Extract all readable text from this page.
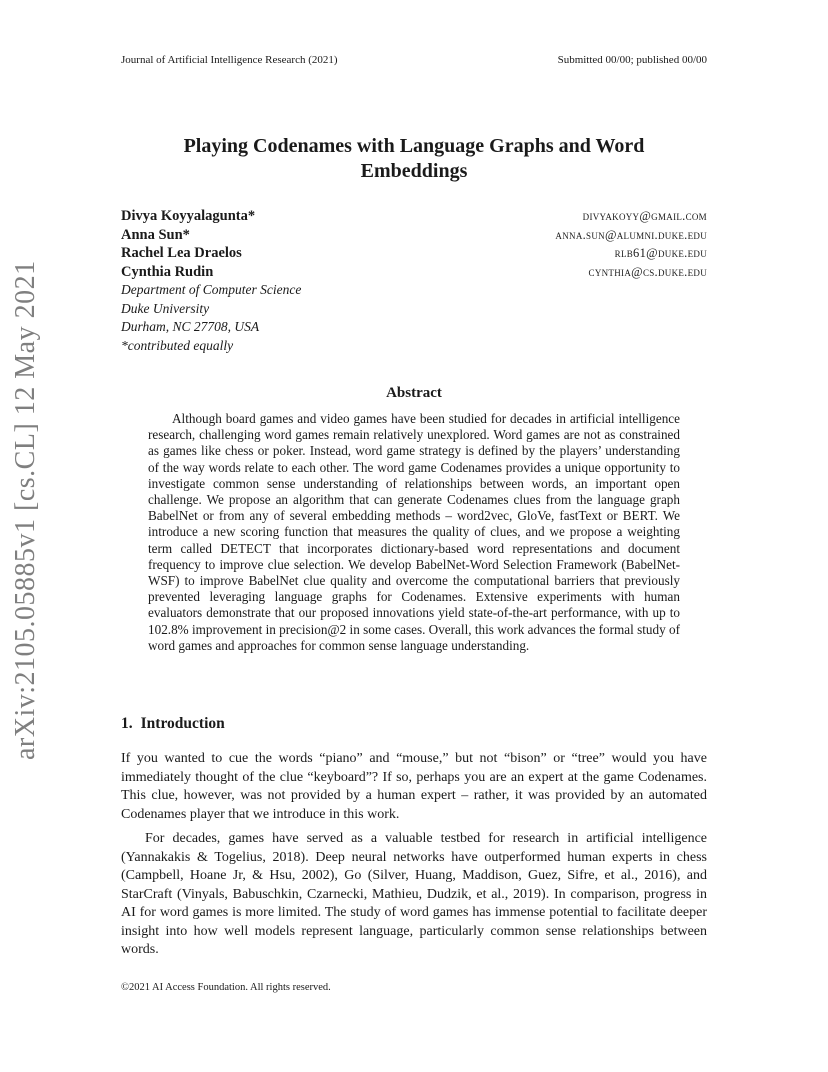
Journal of Artificial Intelligence Research (2021)	Submitted 00/00; published 00/00
arXiv:2105.05885v1 [cs.CL] 12 May 2021
Playing Codenames with Language Graphs and Word
Embeddings
Divya Koyyalagunta*	divyakoyy@gmail.com
Anna Sun*	anna.sun@alumni.duke.edu
Rachel Lea Draelos	rlb61@duke.edu
Cynthia Rudin	cynthia@cs.duke.edu
Department of Computer Science
Duke University
Durham, NC 27708, USA
*contributed equally
Abstract
Although board games and video games have been studied for decades in artificial intelligence research, challenging word games remain relatively unexplored. Word games are not as constrained as games like chess or poker. Instead, word game strategy is defined by the players’ understanding of the way words relate to each other. The word game Codenames provides a unique opportunity to investigate common sense understanding of relationships between words, an important open challenge. We propose an algorithm that can generate Codenames clues from the language graph BabelNet or from any of several embedding methods – word2vec, GloVe, fastText or BERT. We introduce a new scoring function that measures the quality of clues, and we propose a weighting term called DETECT that incorporates dictionary-based word representations and document frequency to improve clue selection. We develop BabelNet-Word Selection Framework (BabelNet-WSF) to improve BabelNet clue quality and overcome the computational barriers that previously prevented leveraging language graphs for Codenames. Extensive experiments with human evaluators demonstrate that our proposed innovations yield state-of-the-art performance, with up to 102.8% improvement in precision@2 in some cases. Overall, this work advances the formal study of word games and approaches for common sense language understanding.
1. Introduction

If you wanted to cue the words “piano” and “mouse,” but not “bison” or “tree” would you have immediately thought of the clue “keyboard”? If so, perhaps you are an expert at the game Codenames. This clue, however, was not provided by a human expert – rather, it was provided by an automated Codenames player that we introduce in this work.

For decades, games have served as a valuable testbed for research in artificial intelligence (Yannakakis & Togelius, 2018). Deep neural networks have outperformed human experts in chess (Campbell, Hoane Jr, & Hsu, 2002), Go (Silver, Huang, Maddison, Guez, Sifre, et al., 2016), and StarCraft (Vinyals, Babuschkin, Czarnecki, Mathieu, Dudzik, et al., 2019). In comparison, progress in AI for word games is more limited. The study of word games has immense potential to facilitate deeper insight into how well models represent language, particularly common sense relationships between words.

©2021 AI Access Foundation. All rights reserved.
